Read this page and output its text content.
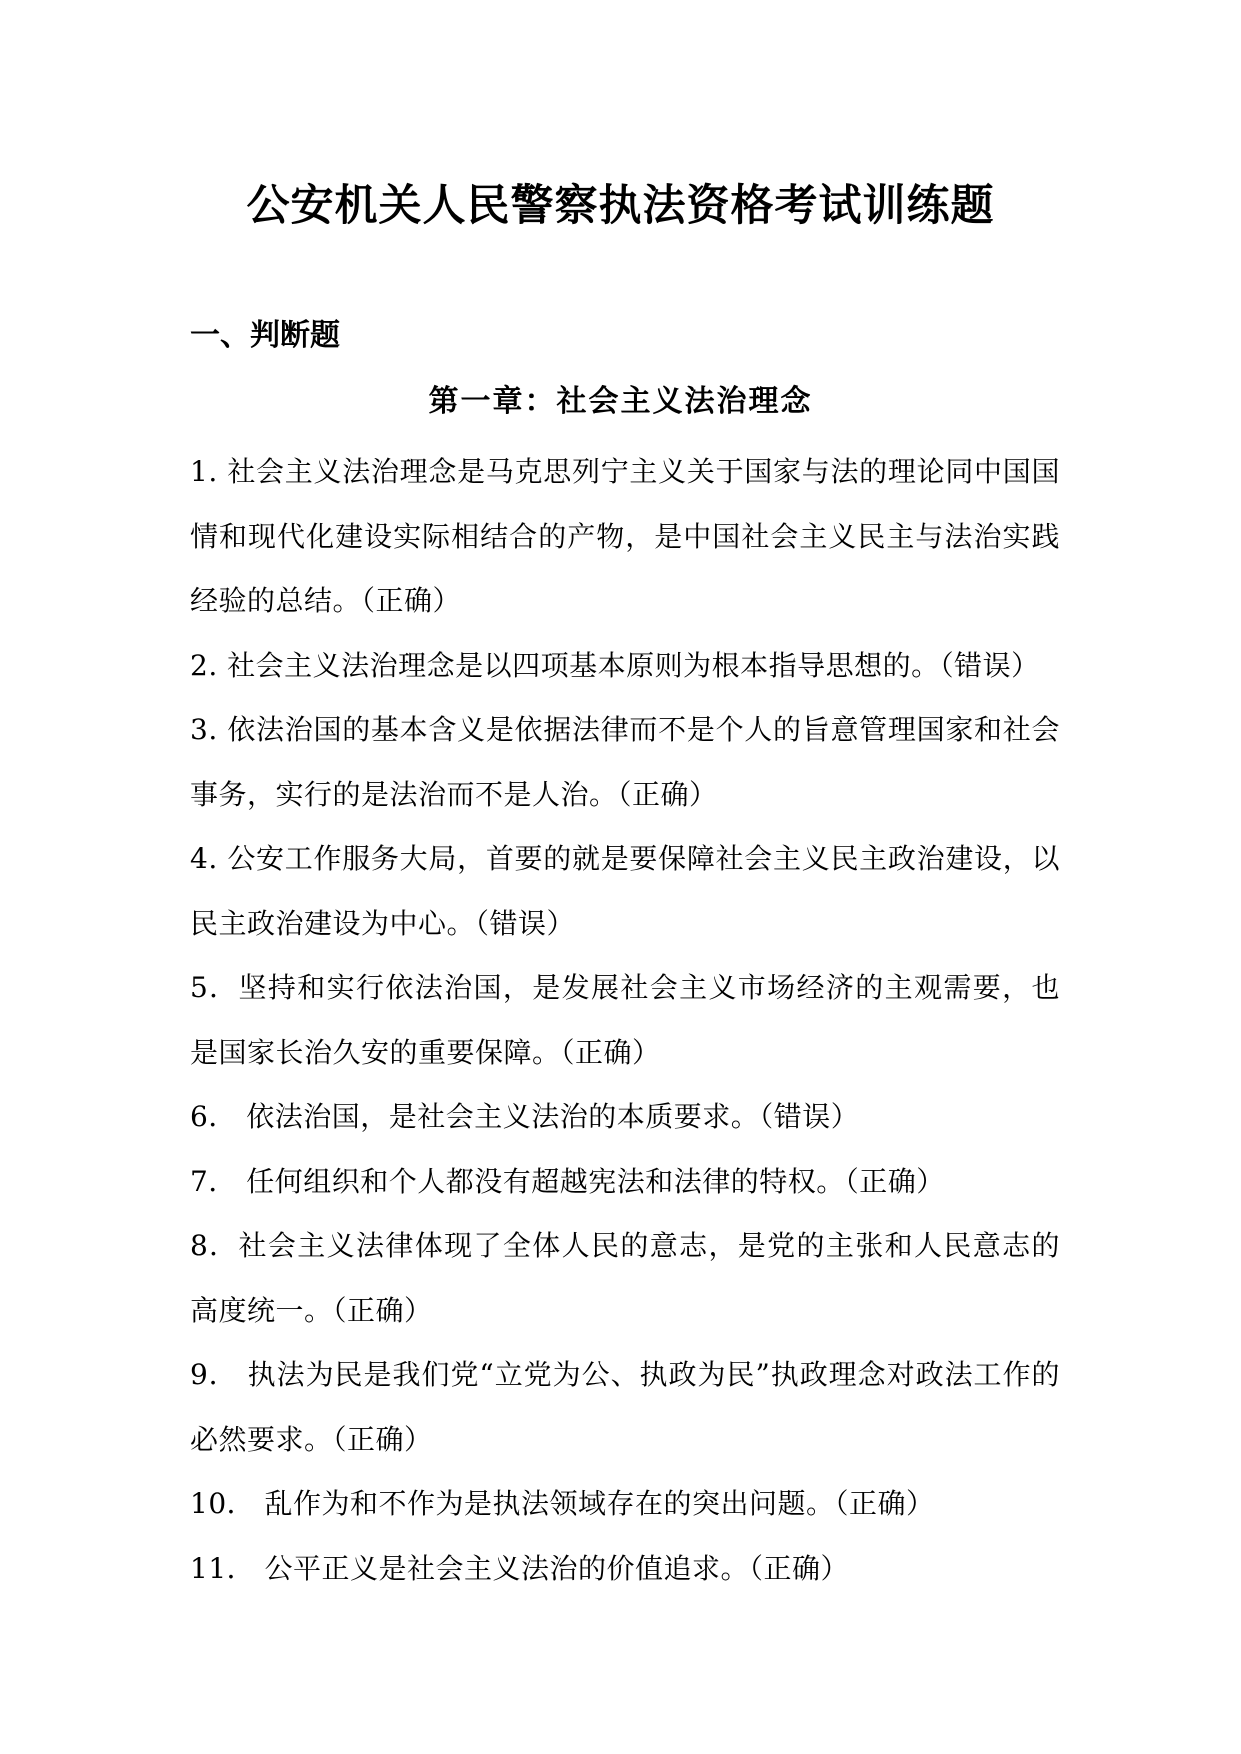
公安机关人民警察执法资格考试训练题
一、判断题
第一章：社会主义法治理念
1. 社会主义法治理念是马克思列宁主义关于国家与法的理论同中国国情和现代化建设实际相结合的产物，是中国社会主义民主与法治实践经验的总结。（正确）
2. 社会主义法治理念是以四项基本原则为根本指导思想的。（错误）
3. 依法治国的基本含义是依据法律而不是个人的旨意管理国家和社会事务，实行的是法治而不是人治。（正确）
4. 公安工作服务大局，首要的就是要保障社会主义民主政治建设，以民主政治建设为中心。（错误）
5．坚持和实行依法治国，是发展社会主义市场经济的主观需要，也是国家长治久安的重要保障。（正确）
6． 依法治国，是社会主义法治的本质要求。（错误）
7． 任何组织和个人都没有超越宪法和法律的特权。（正确）
8．社会主义法律体现了全体人民的意志，是党的主张和人民意志的高度统一。（正确）
9． 执法为民是我们党“立党为公、执政为民”执政理念对政法工作的必然要求。（正确）
10． 乱作为和不作为是执法领域存在的突出问题。（正确）
11． 公平正义是社会主义法治的价值追求。（正确）
